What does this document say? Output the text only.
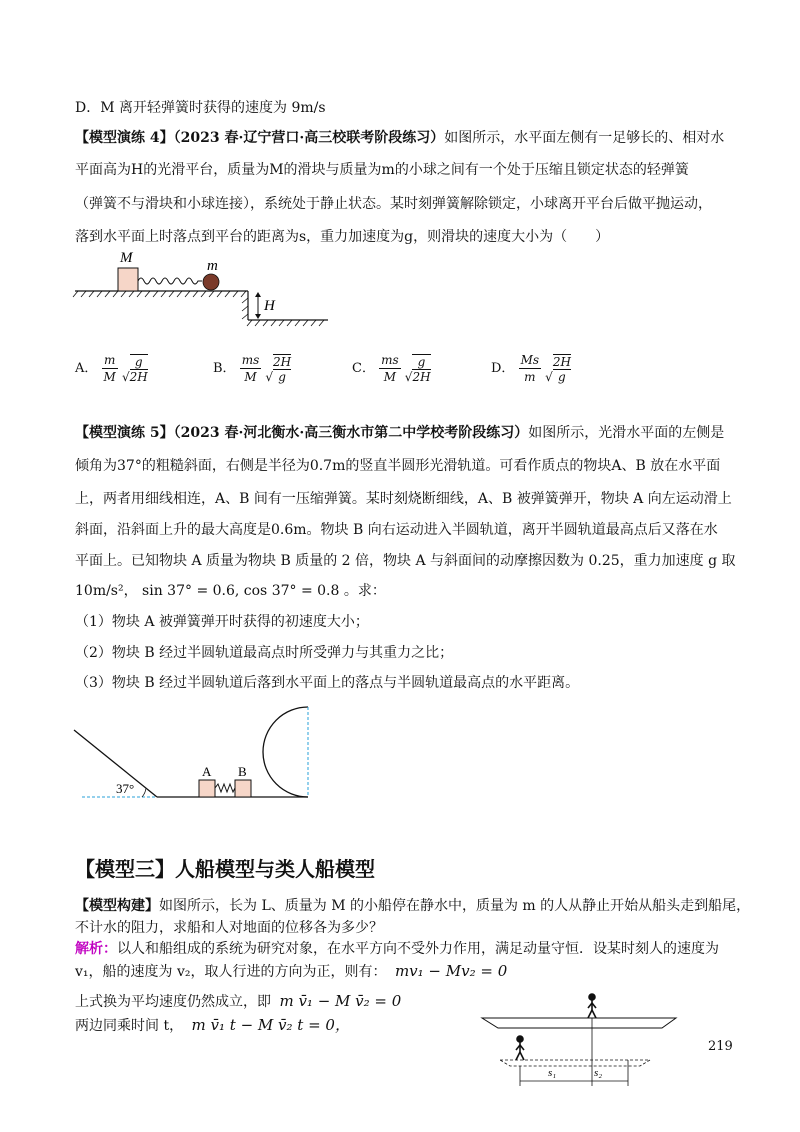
D．M 离开轻弹簧时获得的速度为 9m/s
【模型演练 4】（2023 春·辽宁营口·高三校联考阶段练习）如图所示，水平面左侧有一足够长的、相对水
平面高为H的光滑平台，质量为M的滑块与质量为m的小球之间有一个处于压缩且锁定状态的轻弹簧
（弹簧不与滑块和小球连接），系统处于静止状态。某时刻弹簧解除锁定，小球离开平台后做平抛运动，
落到水平面上时落点到平台的距离为s，重力加速度为g，则滑块的速度大小为（　　）
M	m
H
A． $\frac{m}{M}$ √ $\frac{g}{2H}$	B． $\frac{ms}{M}$ √ $\frac{2H}{g}$	C． $\frac{ms}{M}$ √ $\frac{g}{2H}$	D． $\frac{Ms}{m}$ √ $\frac{2H}{g}$
【模型演练 5】（2023 春·河北衡水·高三衡水市第二中学校考阶段练习）如图所示，光滑水平面的左侧是
倾角为37°的粗糙斜面，右侧是半径为0.7m的竖直半圆形光滑轨道。可看作质点的物块A、B 放在水平面
上，两者用细线相连，A、B 间有一压缩弹簧。某时刻烧断细线，A、B 被弹簧弹开，物块 A 向左运动滑上
斜面，沿斜面上升的最大高度是0.6m。物块 B 向右运动进入半圆轨道，离开半圆轨道最高点后又落在水
平面上。已知物块 A 质量为物块 B 质量的 2 倍，物块 A 与斜面间的动摩擦因数为 0.25，重力加速度 g 取
10m/s²， sin 37° = 0.6, cos 37° = 0.8 。求：
（1）物块 A 被弹簧弹开时获得的初速度大小；
（2）物块 B 经过半圆轨道最高点时所受弹力与其重力之比；
（3）物块 B 经过半圆轨道后落到水平面上的落点与半圆轨道最高点的水平距离。
37°
A B
【模型三】人船模型与类人船模型
【模型构建】如图所示，长为 L、质量为 M 的小船停在静水中，质量为 m 的人从静止开始从船头走到船尾，
不计水的阻力，求船和人对地面的位移各为多少？
解析：以人和船组成的系统为研究对象，在水平方向不受外力作用，满足动量守恒．设某时刻人的速度为
v₁，船的速度为 v₂，取人行进的方向为正，则有： mv₁ − Mv₂ = 0
上式换为平均速度仍然成立，即 m v̄₁ − M v̄₂ = 0
两边同乘时间 t， m v̄₁ t − M v̄₂ t = 0，
s₁	s₂
219
